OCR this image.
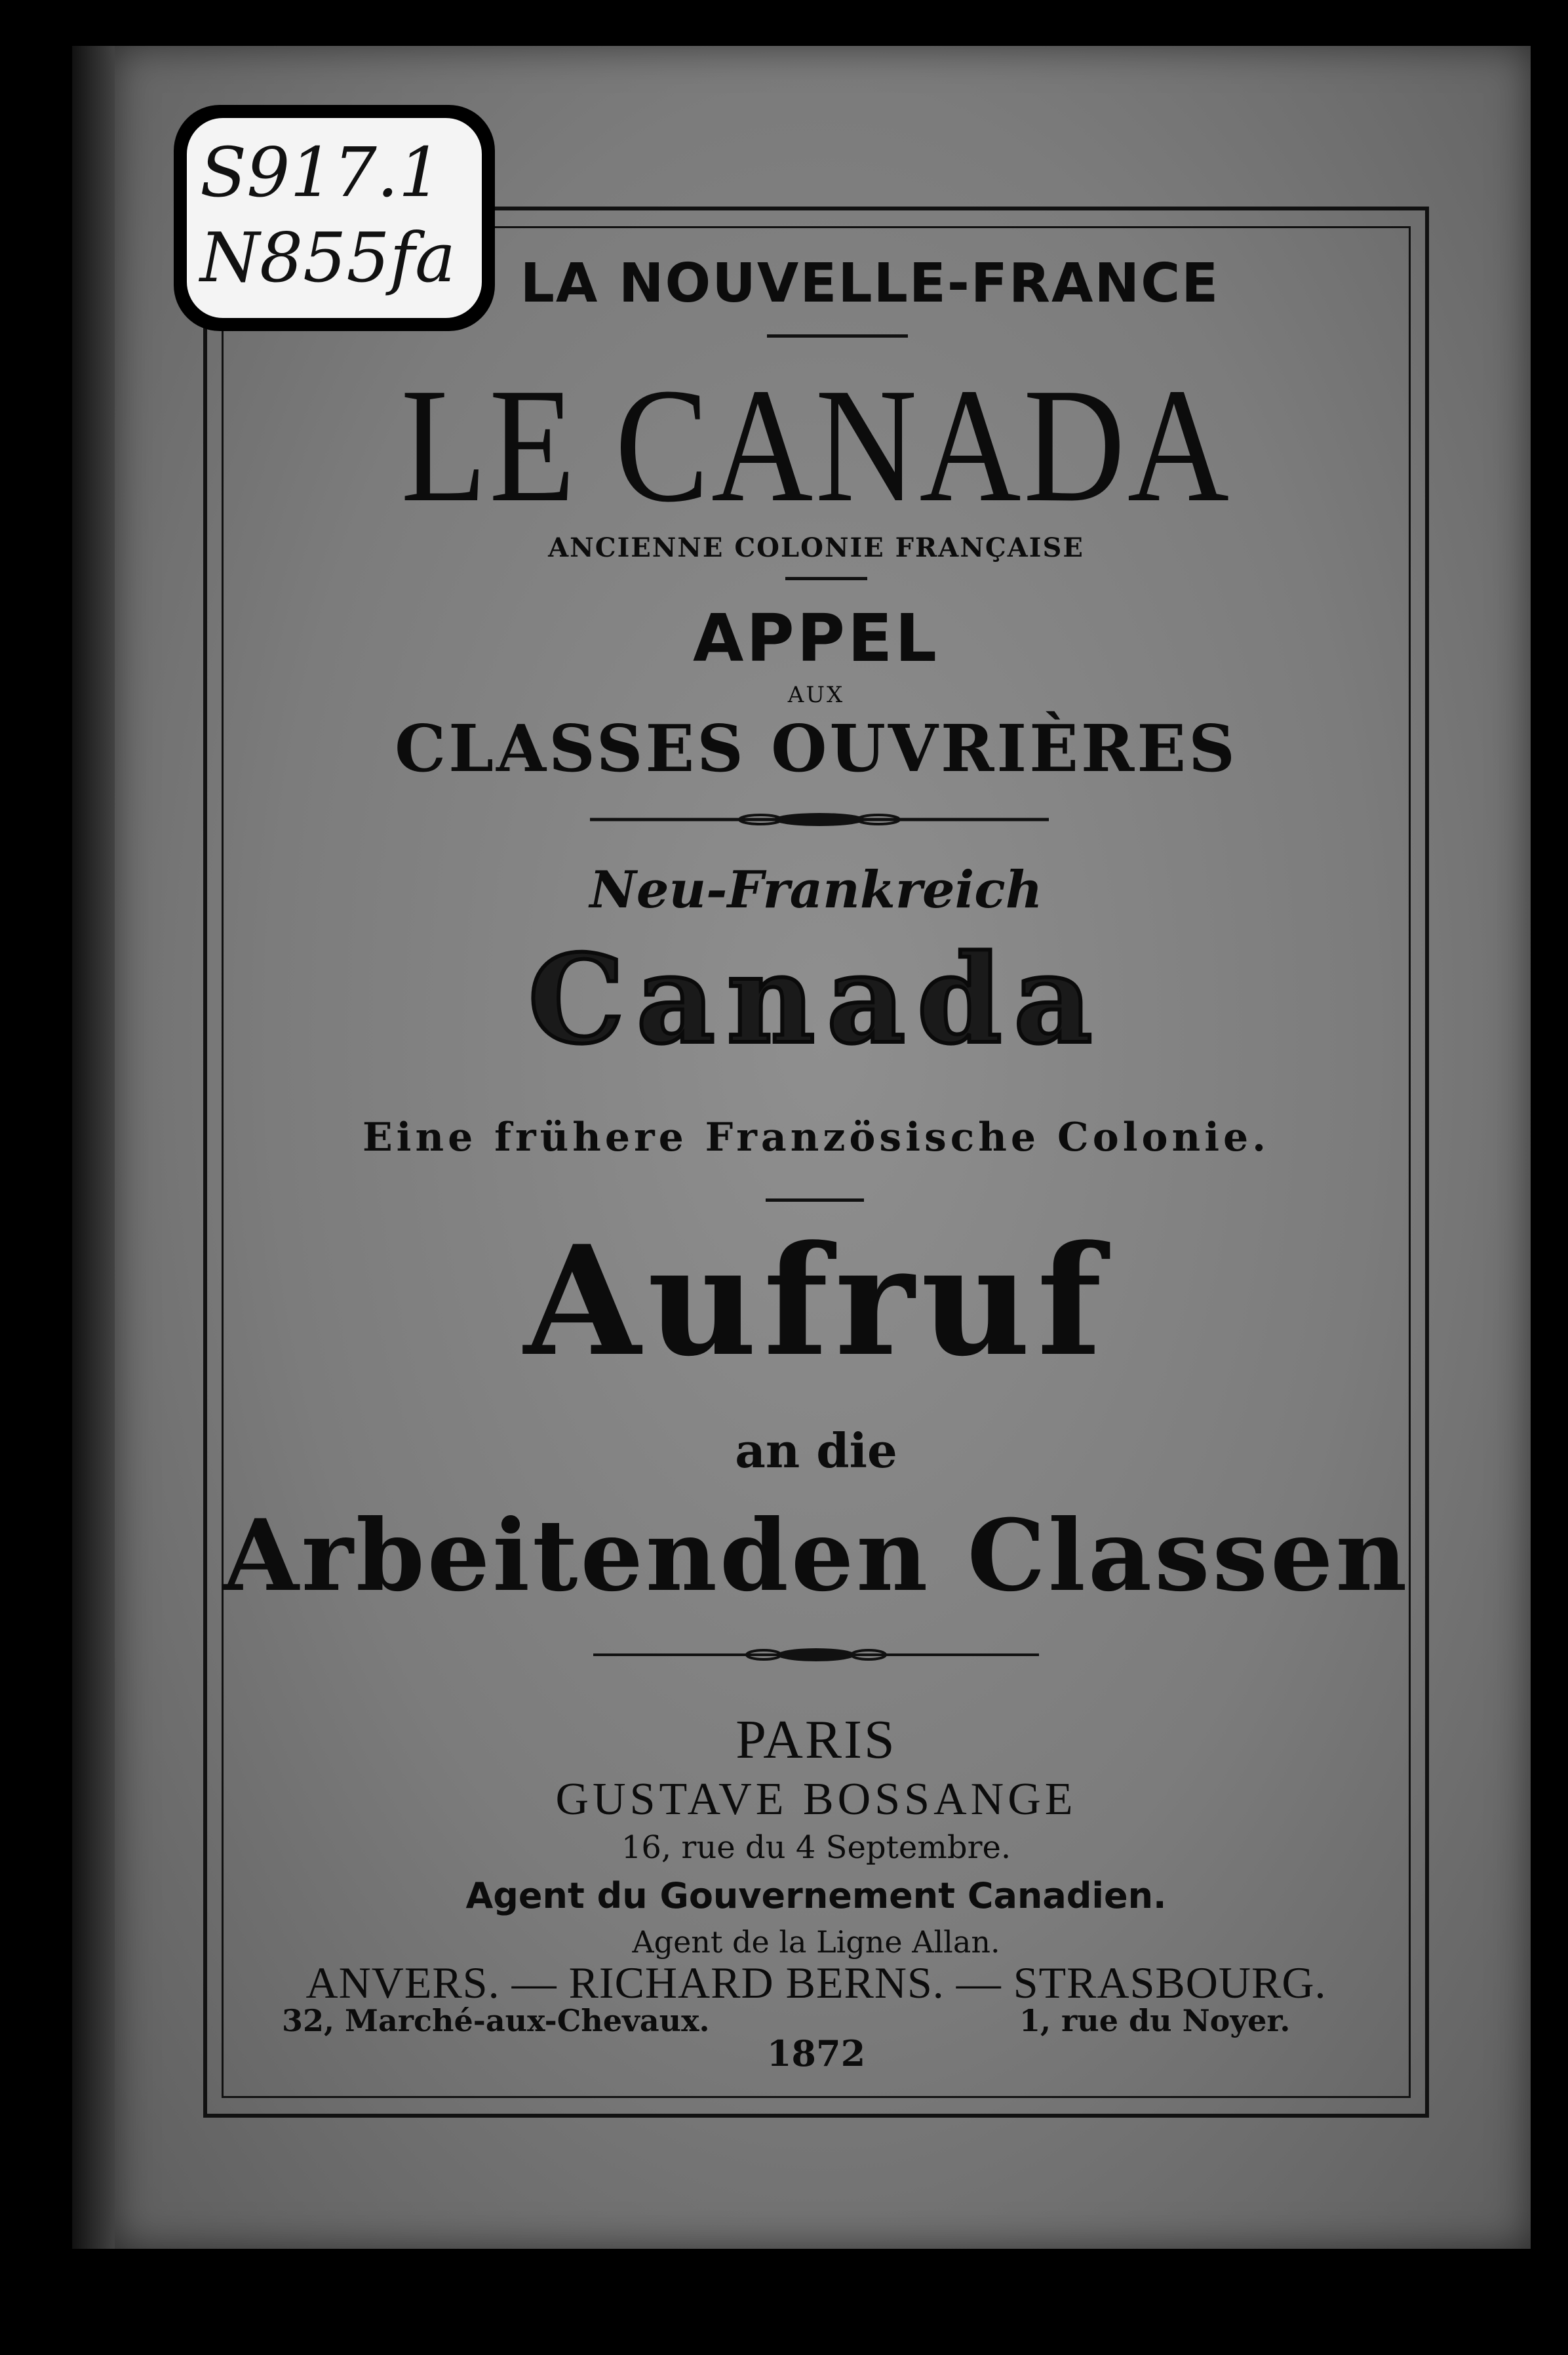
S917.1
N855fa	LA NOUVELLE-FRANCE
LE CANADA
ANCIENNE COLONIE FRANÇAISE
APPEL
AUX
CLASSES OUVRIÈRES
Neu-Frankreich
Canada
Eine frühere Französische Colonie.
Aufruf
an die
Arbeitenden Classen
PARIS
GUSTAVE BOSSANGE
16, rue du 4 Septembre.
Agent du Gouvernement Canadien.
Agent de la Ligne Allan.
ANVERS. — RICHARD BERNS. — STRASBOURG.
32, Marché-aux-Chevaux.	1, rue du Noyer.
1872
